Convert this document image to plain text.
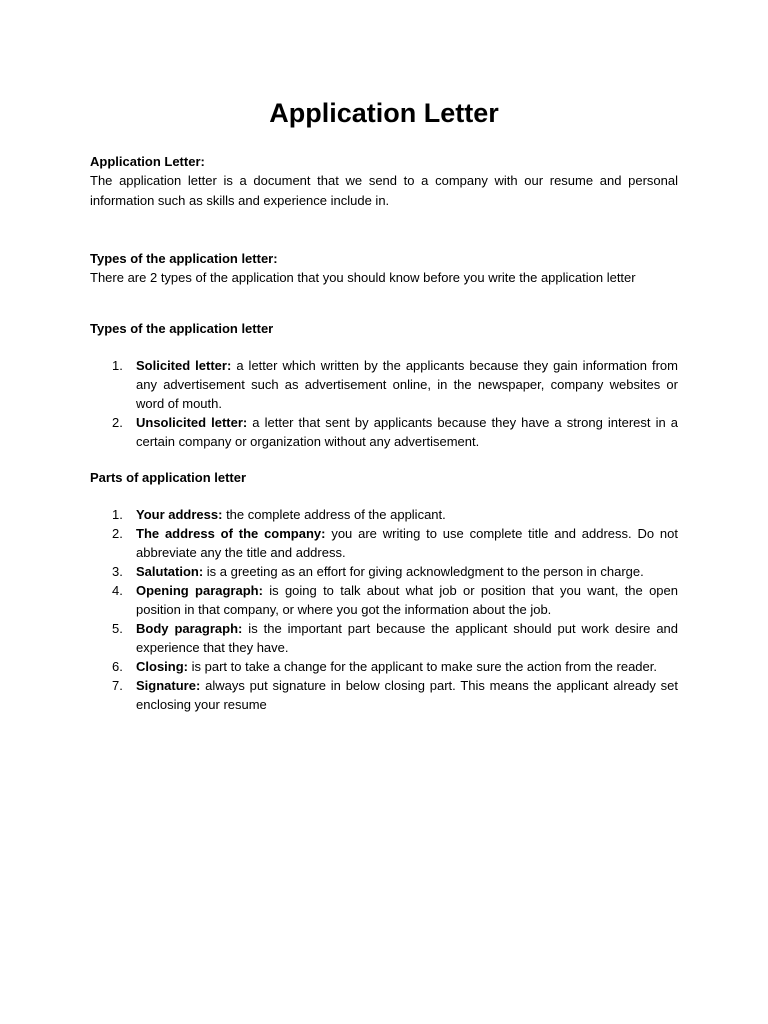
Application Letter

Application Letter:

The application letter is a document that we send to a company with our resume and personal information such as skills and experience include in.

Types of the application letter:

There are 2 types of the application that you should know before you write the application letter

Types of the application letter

1. Solicited letter: a letter which written by the applicants because they gain information from any advertisement such as advertisement online, in the newspaper, company websites or word of mouth.
2. Unsolicited letter: a letter that sent by applicants because they have a strong interest in a certain company or organization without any advertisement.

Parts of application letter

1. Your address: the complete address of the applicant.
2. The address of the company: you are writing to use complete title and address. Do not abbreviate any the title and address.
3. Salutation: is a greeting as an effort for giving acknowledgment to the person in charge.
4. Opening paragraph: is going to talk about what job or position that you want, the open position in that company, or where you got the information about the job.
5. Body paragraph: is the important part because the applicant should put work desire and experience that they have.
6. Closing: is part to take a change for the applicant to make sure the action from the reader.
7. Signature: always put signature in below closing part. This means the applicant already set enclosing your resume
